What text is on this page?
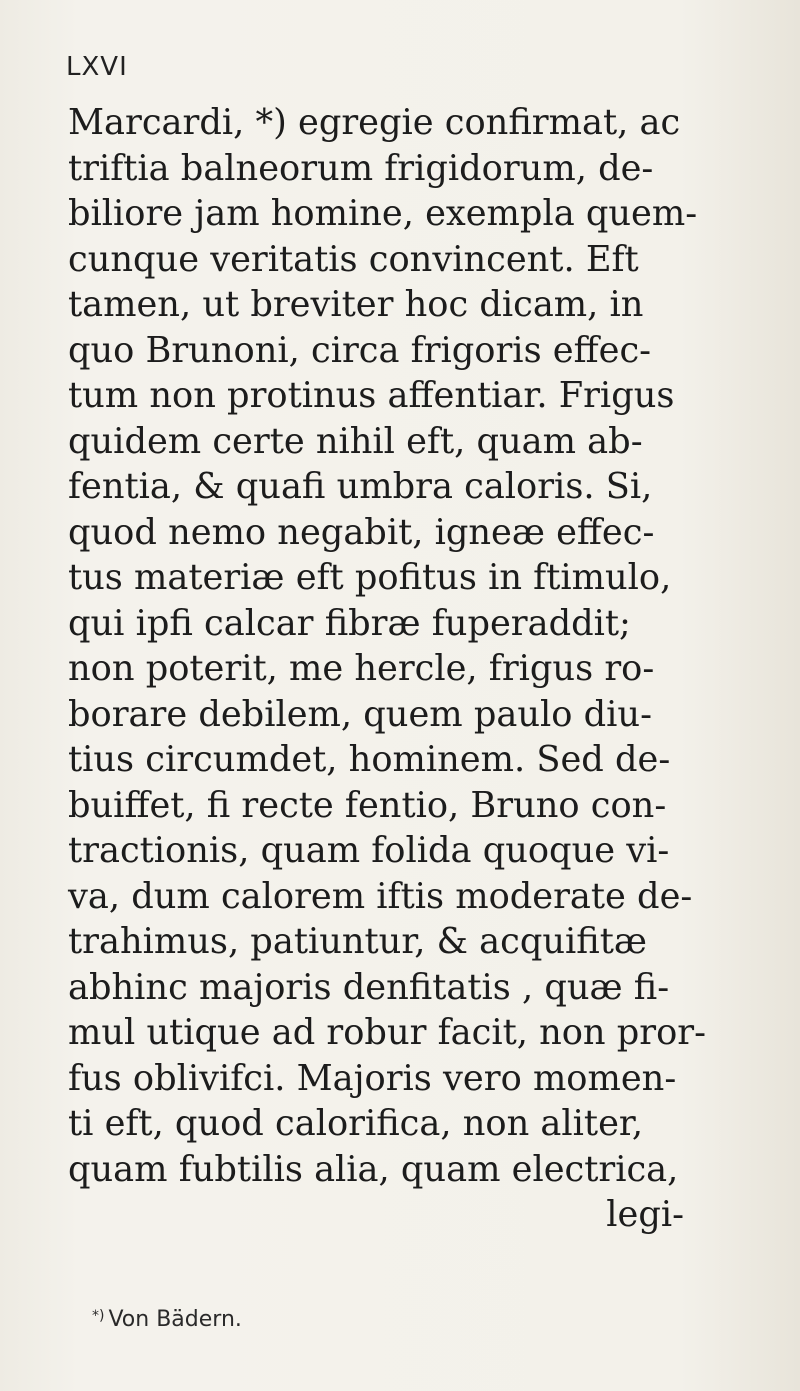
LXVI
Marcardi, *) egregie confirmat, ac
triftia balneorum frigidorum, de-
biliore jam homine, exempla quem-
cunque veritatis convincent. Eft
tamen, ut breviter hoc dicam, in
quo Brunoni, circa frigoris effec-
tum non protinus affentiar. Frigus
quidem certe nihil eft, quam ab-
fentia, & quafi umbra caloris. Si,
quod nemo negabit, igneæ effec-
tus materiæ eft pofitus in ftimulo,
qui ipfi calcar fibræ fuperaddit;
non poterit, me hercle, frigus ro-
borare debilem, quem paulo diu-
tius circumdet, hominem. Sed de-
buiffet, fi recte fentio, Bruno con-
tractionis, quam folida quoque vi-
va, dum calorem iftis moderate de-
trahimus, patiuntur, & acquifitæ
abhinc majoris denfitatis , quæ fi-
mul utique ad robur facit, non pror-
fus oblivifci. Majoris vero momen-
ti eft, quod calorifica, non aliter,
quam fubtilis alia, quam electrica,
legi-
*) Von Bädern.
